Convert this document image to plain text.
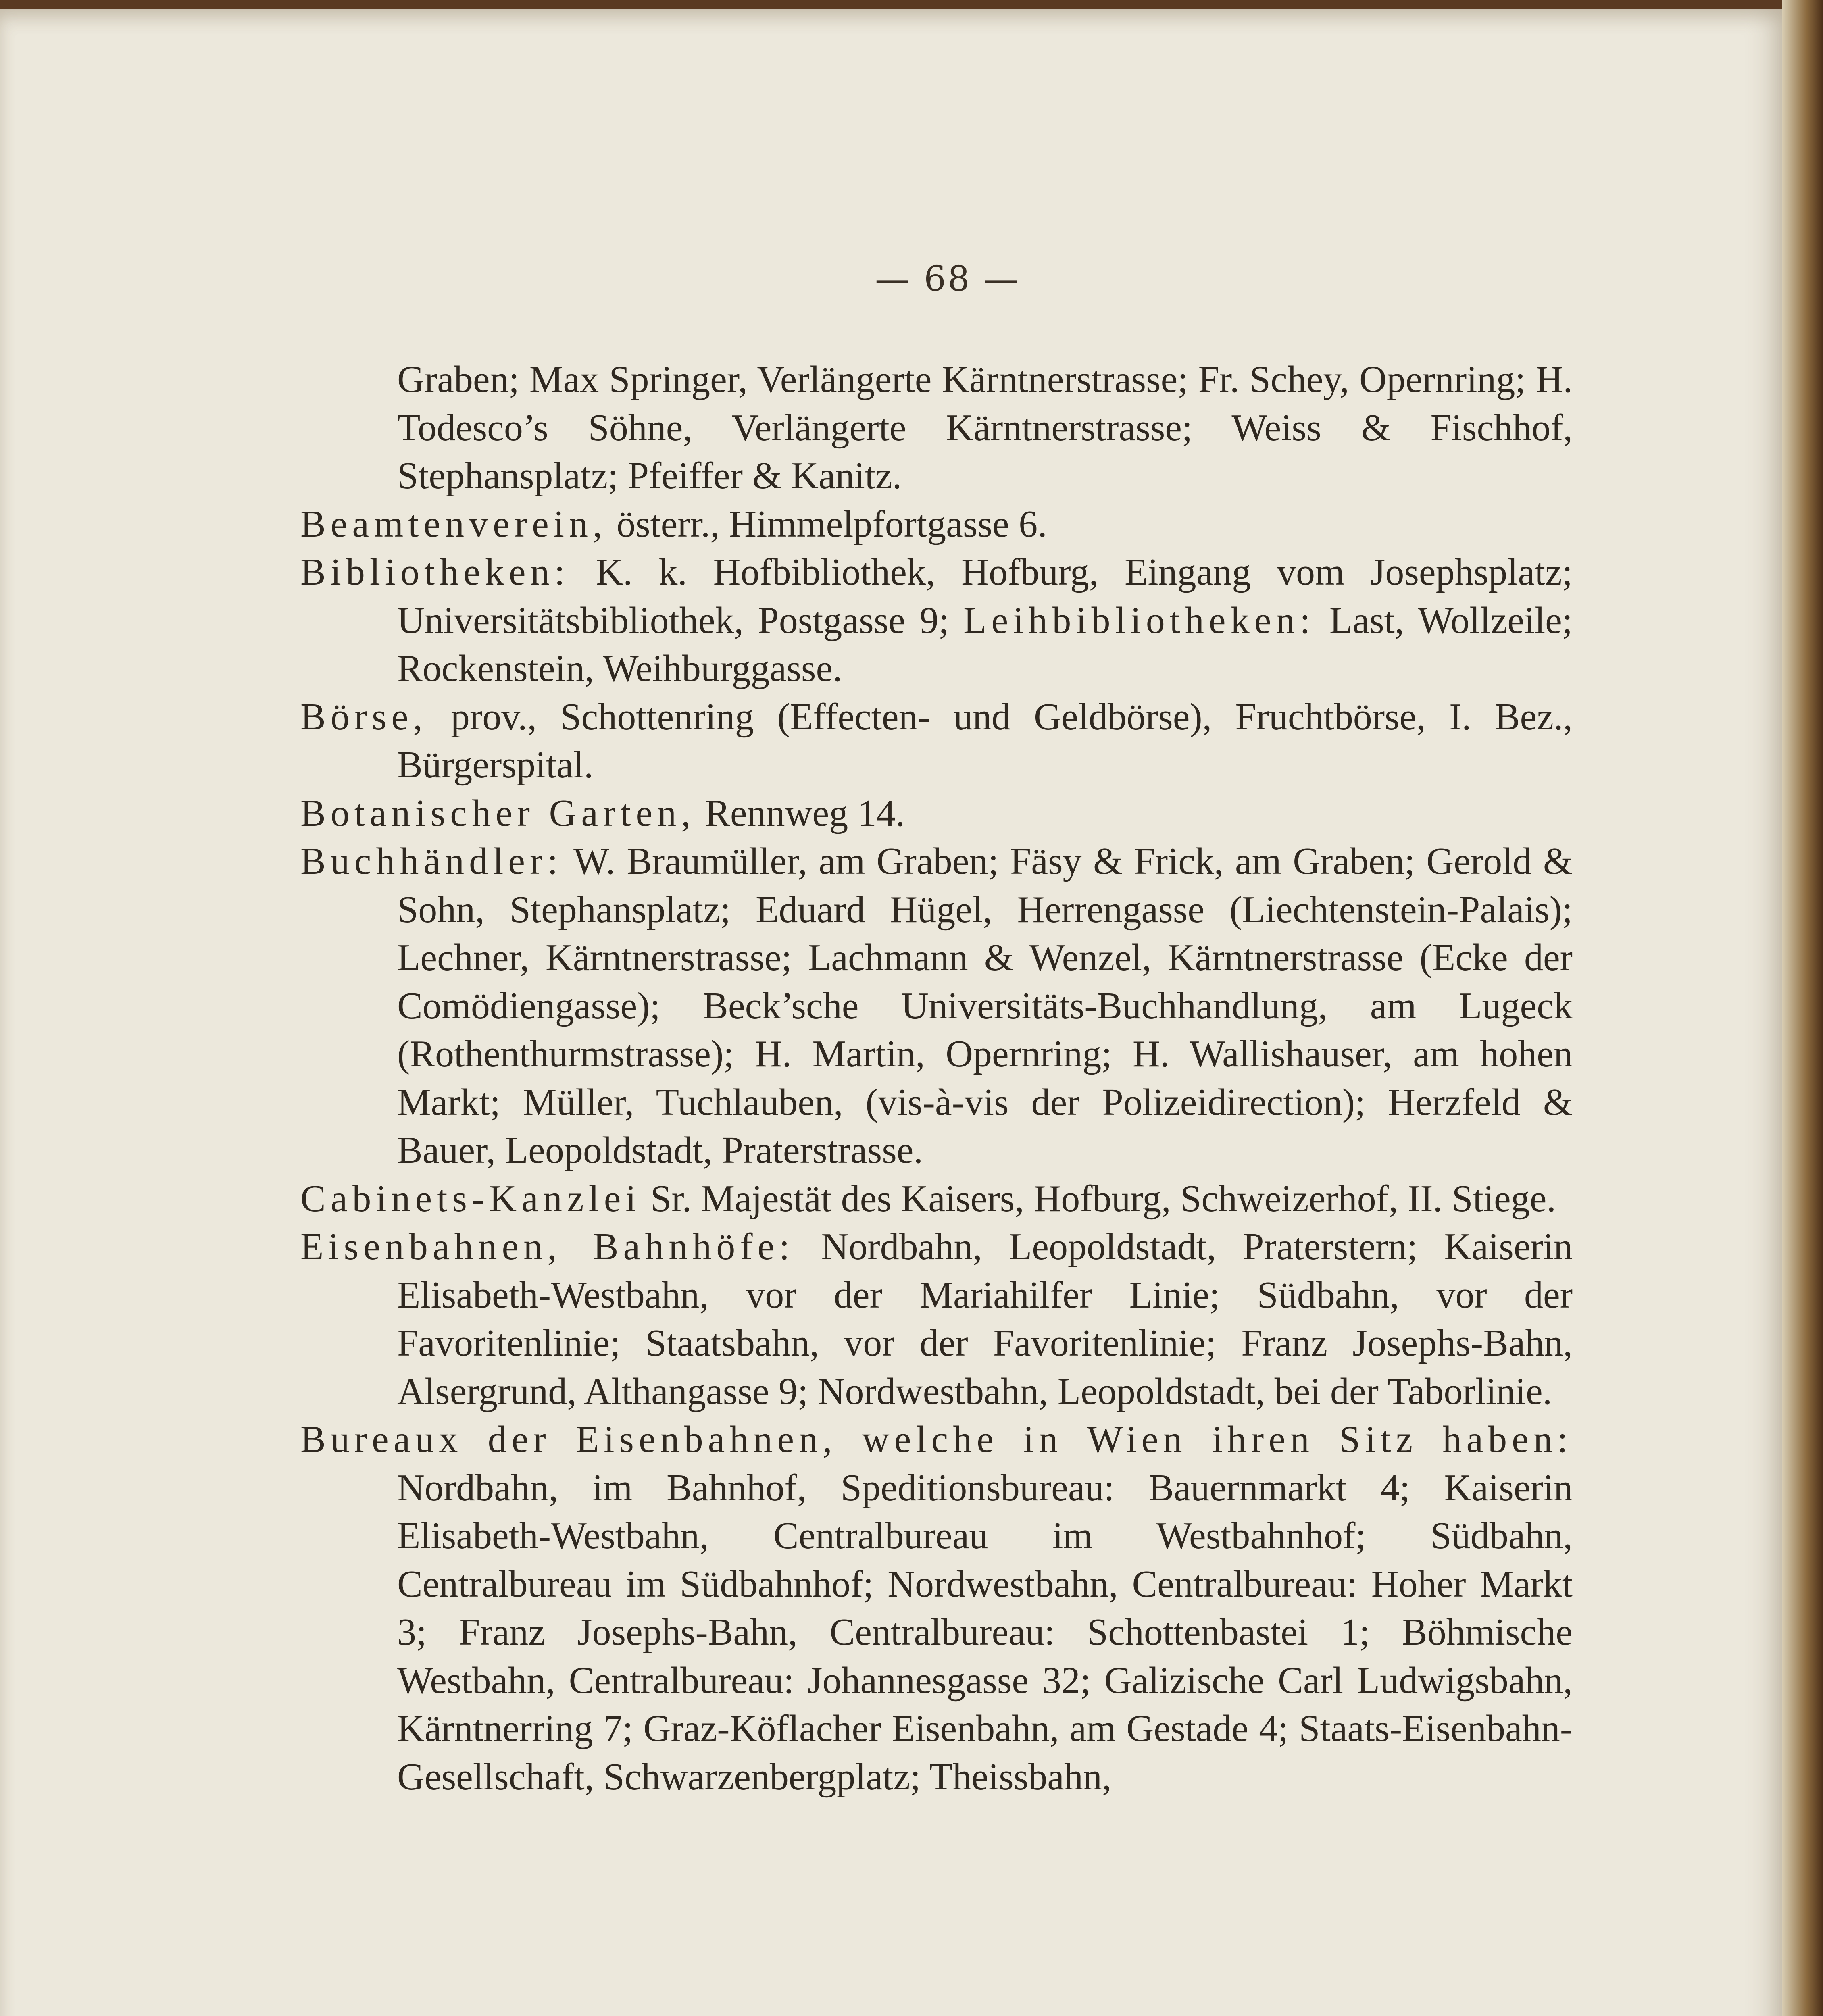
— 68 —

Graben; Max Springer, Verlängerte Kärntnerstrasse; Fr. Schey, Opernring; H. Todesco’s Söhne, Verlängerte Kärntnerstrasse; Weiss & Fischhof, Stephansplatz; Pfeiffer & Kanitz.

Beamtenverein, österr., Himmelpfortgasse 6.

Bibliotheken: K. k. Hofbibliothek, Hofburg, Eingang vom Josephsplatz; Universitätsbibliothek, Postgasse 9; Leihbibliotheken: Last, Wollzeile; Rockenstein, Weihburggasse.

Börse, prov., Schottenring (Effecten- und Geldbörse), Fruchtbörse, I. Bez., Bürgerspital.

Botanischer Garten, Rennweg 14.

Buchhändler: W. Braumüller, am Graben; Fäsy & Frick, am Graben; Gerold & Sohn, Stephansplatz; Eduard Hügel, Herrengasse (Liechtenstein-Palais); Lechner, Kärntnerstrasse; Lachmann & Wenzel, Kärntnerstrasse (Ecke der Comödiengasse); Beck’sche Universitäts-Buchhandlung, am Lugeck (Rothenthurmstrasse); H. Martin, Opernring; H. Wallishauser, am hohen Markt; Müller, Tuchlauben, (vis-à-vis der Polizeidirection); Herzfeld & Bauer, Leopoldstadt, Praterstrasse.

Cabinets-Kanzlei Sr. Majestät des Kaisers, Hofburg, Schweizerhof, II. Stiege.

Eisenbahnen, Bahnhöfe: Nordbahn, Leopoldstadt, Praterstern; Kaiserin Elisabeth-Westbahn, vor der Mariahilfer Linie; Südbahn, vor der Favoritenlinie; Staatsbahn, vor der Favoritenlinie; Franz Josephs-Bahn, Alsergrund, Althangasse 9; Nordwestbahn, Leopoldstadt, bei der Taborlinie.

Bureaux der Eisenbahnen, welche in Wien ihren Sitz haben: Nordbahn, im Bahnhof, Speditionsbureau: Bauernmarkt 4; Kaiserin Elisabeth-Westbahn, Centralbureau im Westbahnhof; Südbahn, Centralbureau im Südbahnhof; Nordwestbahn, Centralbureau: Hoher Markt 3; Franz Josephs-Bahn, Centralbureau: Schottenbastei 1; Böhmische Westbahn, Centralbureau: Johannesgasse 32; Galizische Carl Ludwigsbahn, Kärntnerring 7; Graz-Köflacher Eisenbahn, am Gestade 4; Staats-Eisenbahn-Gesellschaft, Schwarzenbergplatz; Theissbahn,
